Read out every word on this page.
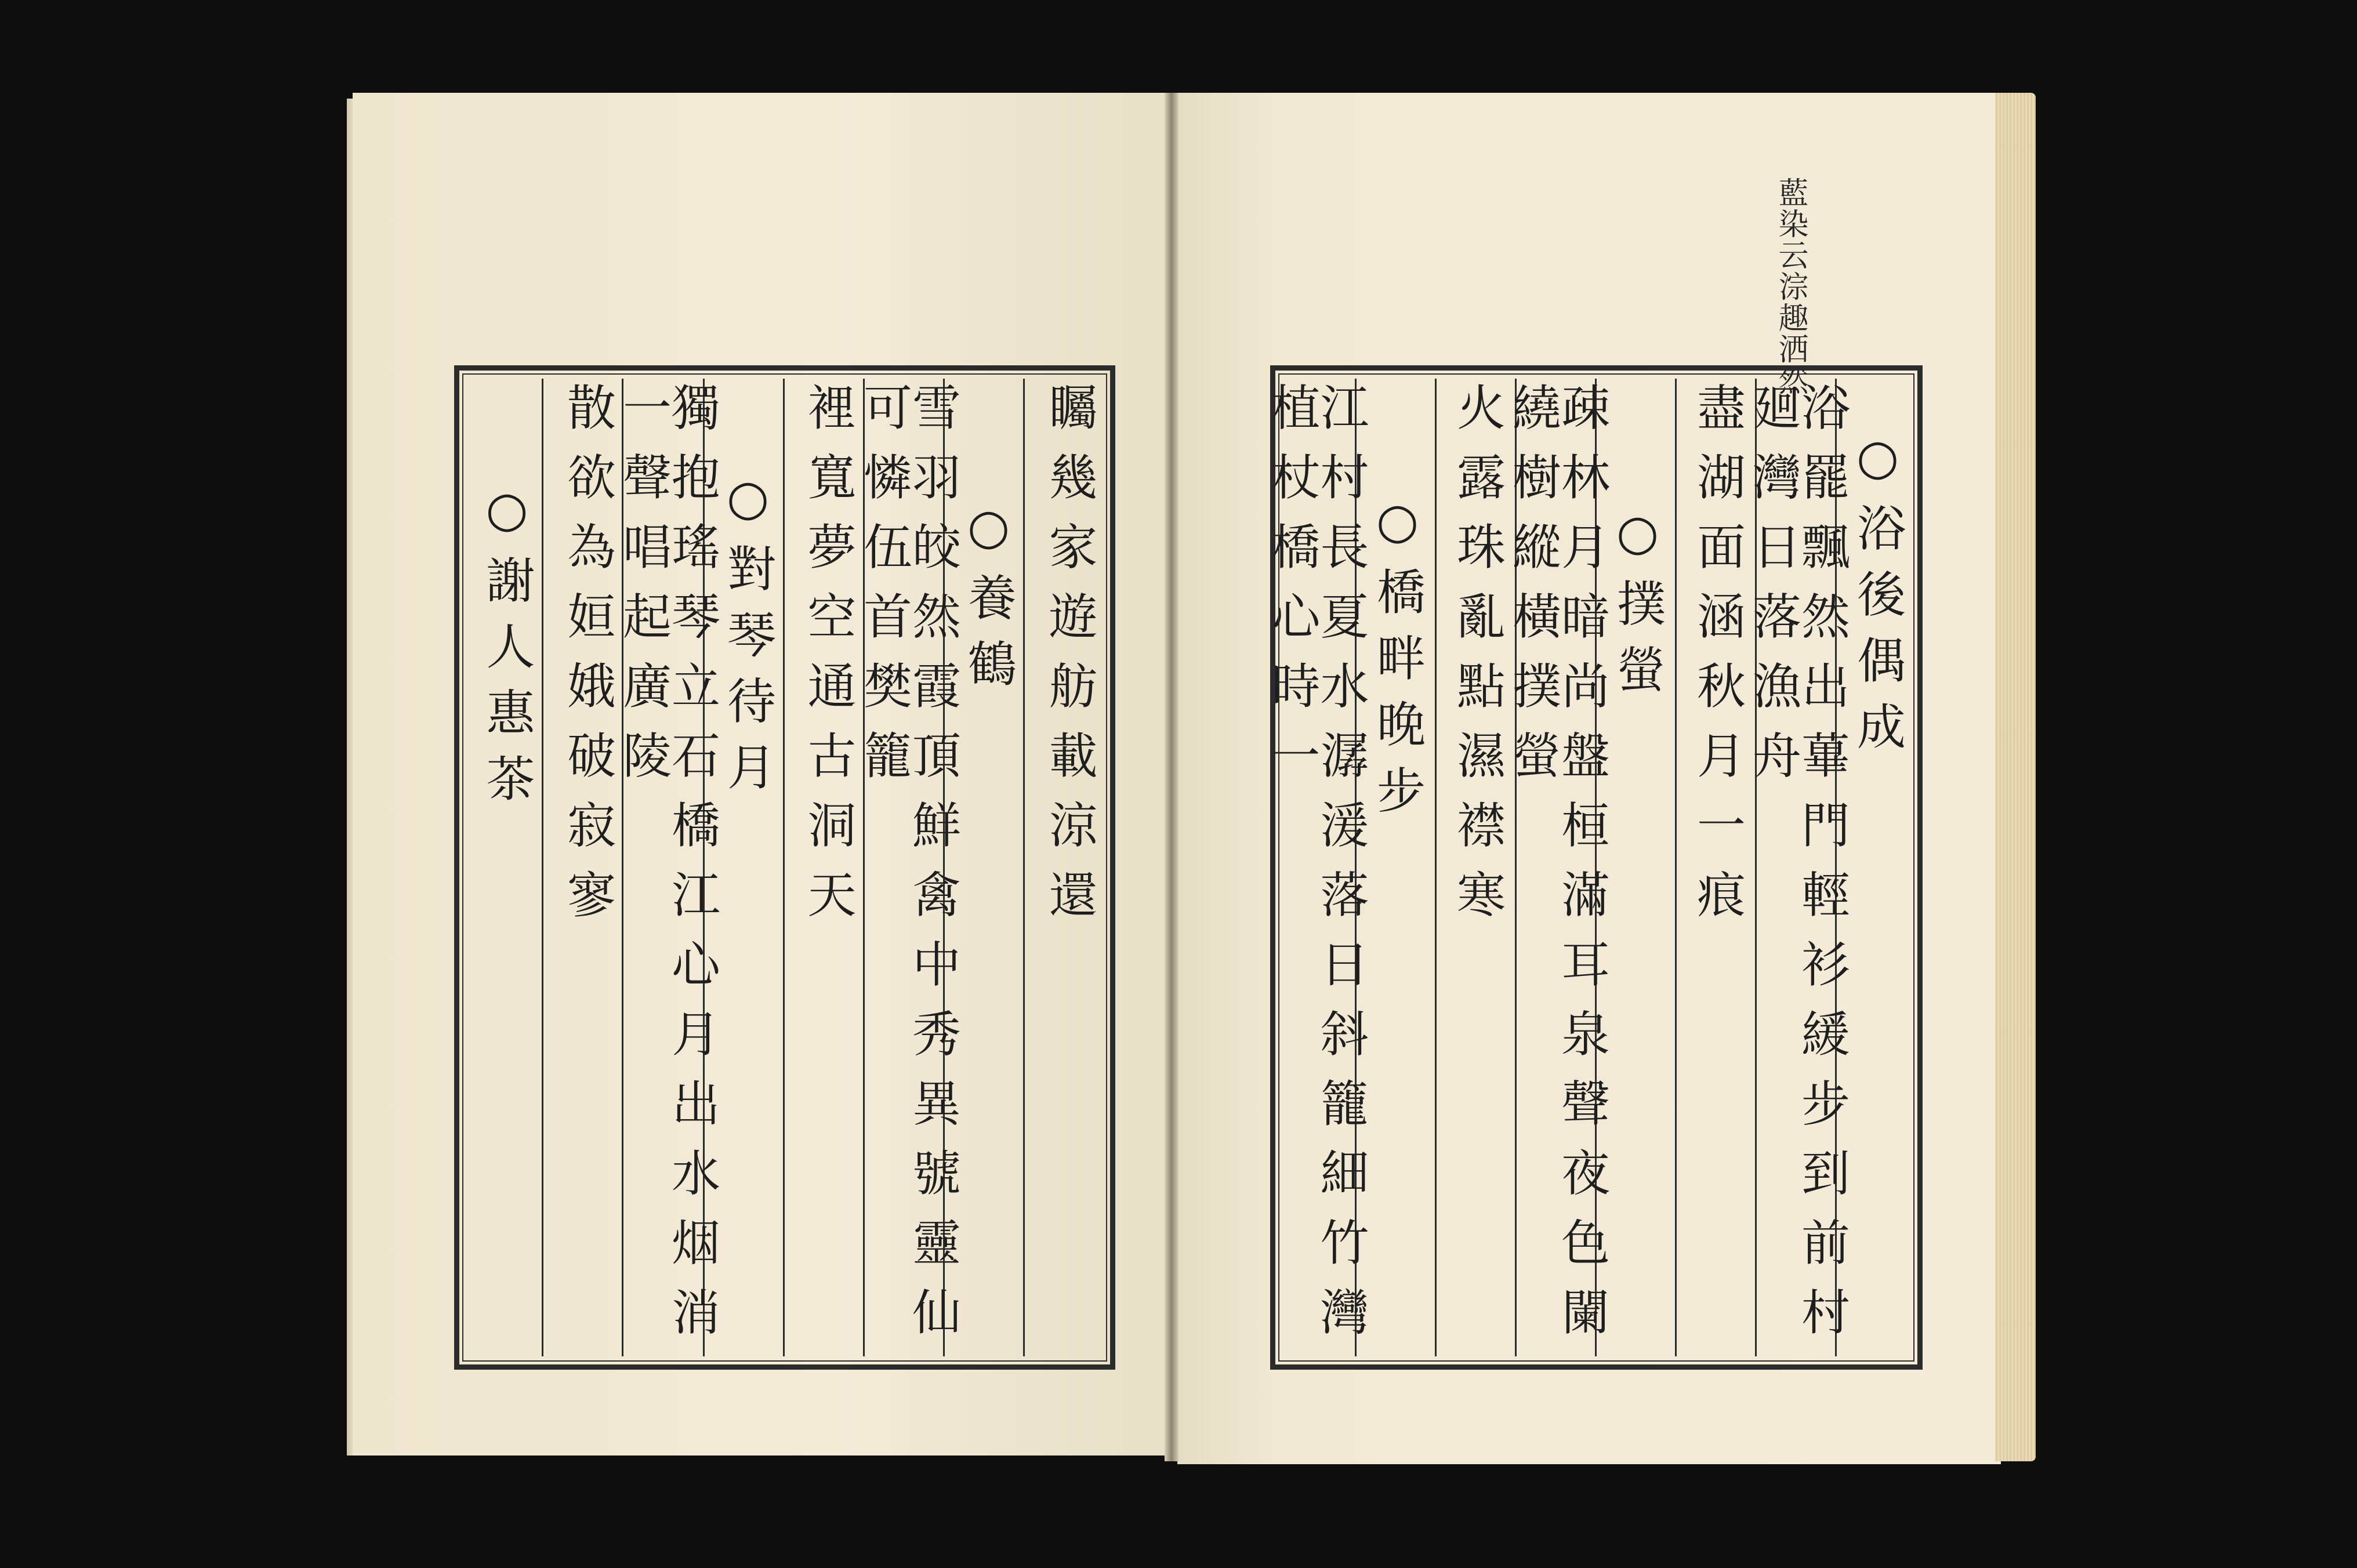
藍染云淙趣洒然
○浴後偶成
浴罷飄然出蓽門輕衫緩步到前村廻灣日落漁舟
盡湖面涵秋月一痕
○撲螢
疎林月暗尚盤桓滿耳泉聲夜色闌繞樹縱橫撲螢
火露珠亂點濕襟寒
○橋畔晚步
江村長夏水潺湲落日斜籠細竹灣植杖橋心時一
矚幾家遊舫載涼還
○養鶴
雪羽皎然霞頂鮮禽中秀異號靈仙可憐伍首樊籠
裡寬夢空通古洞天
○對琴待月
獨抱瑤琴立石橋江心月出水烟消一聲唱起廣陵
散欲為姮娥破寂寥
○謝人惠茶
